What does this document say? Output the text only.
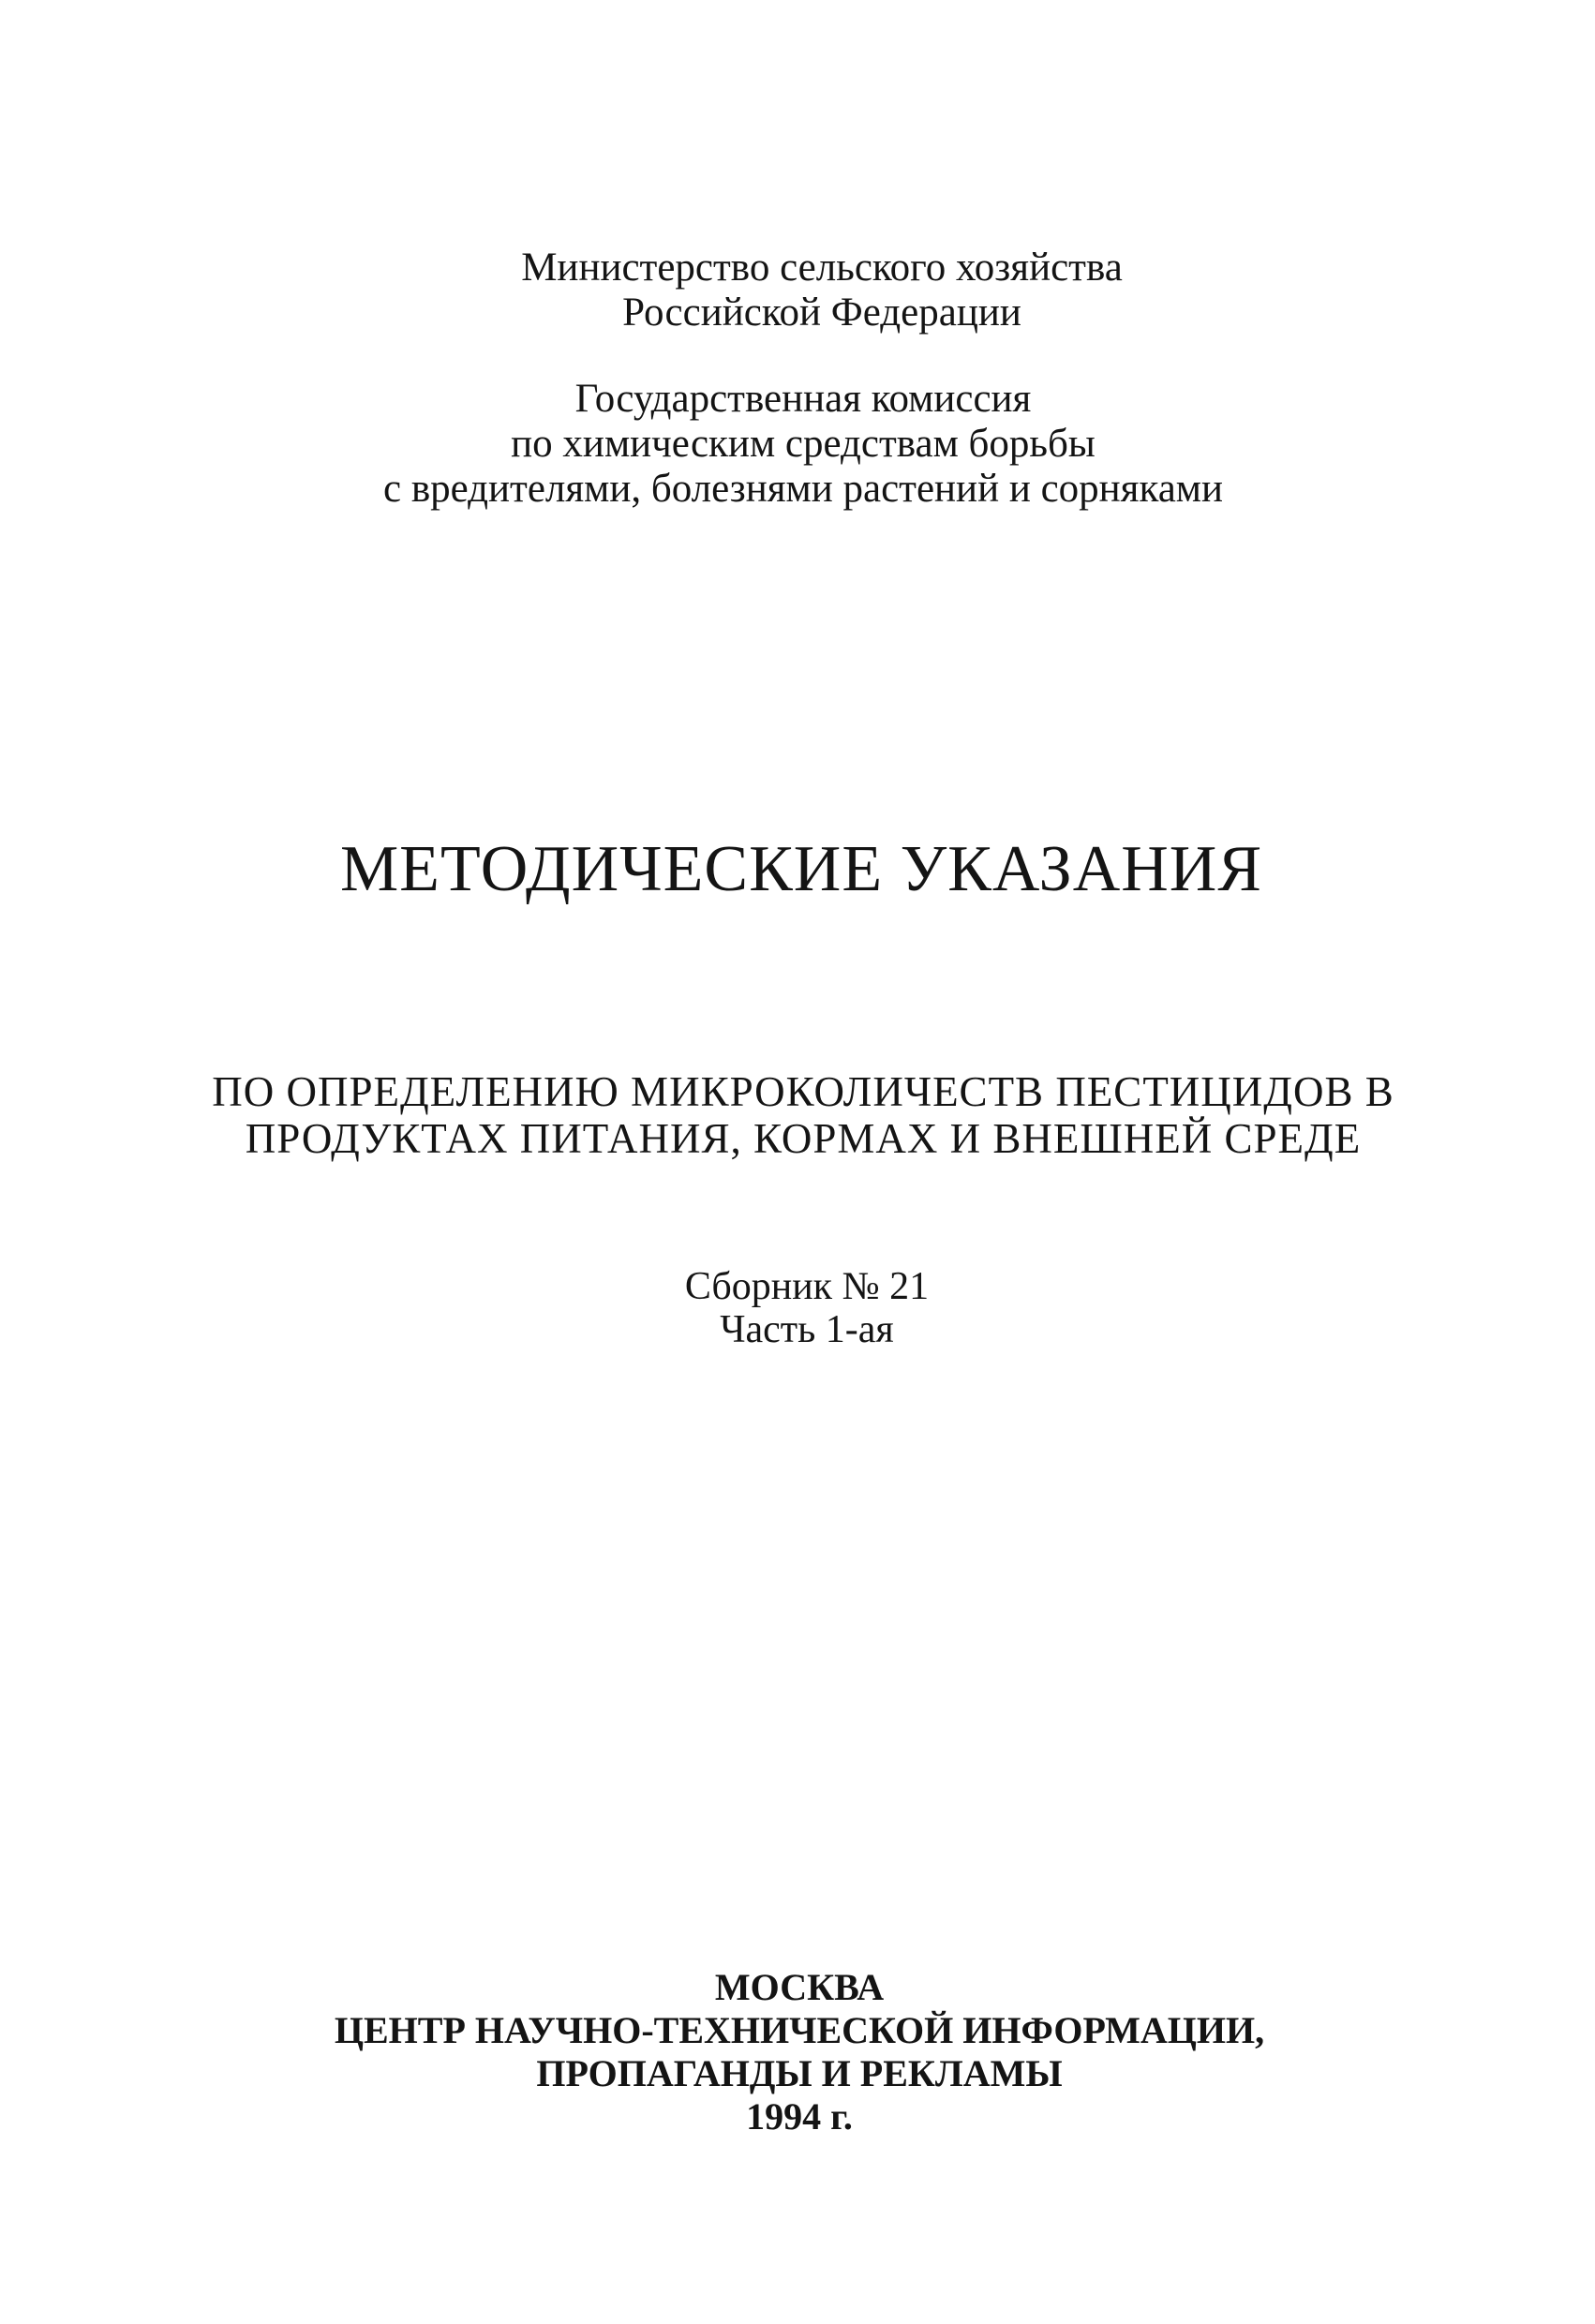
Министерство сельского хозяйства
Российской Федерации
Государственная комиссия
по химическим средствам борьбы
с вредителями, болезнями растений и сорняками
МЕТОДИЧЕСКИЕ УКАЗАНИЯ
ПО ОПРЕДЕЛЕНИЮ МИКРОКОЛИЧЕСТВ ПЕСТИЦИДОВ В
ПРОДУКТАХ ПИТАНИЯ, КОРМАХ И ВНЕШНЕЙ СРЕДЕ
Сборник № 21
Часть 1-ая
МОСКВА
ЦЕНТР НАУЧНО-ТЕХНИЧЕСКОЙ ИНФОРМАЦИИ,
ПРОПАГАНДЫ И РЕКЛАМЫ
1994 г.
